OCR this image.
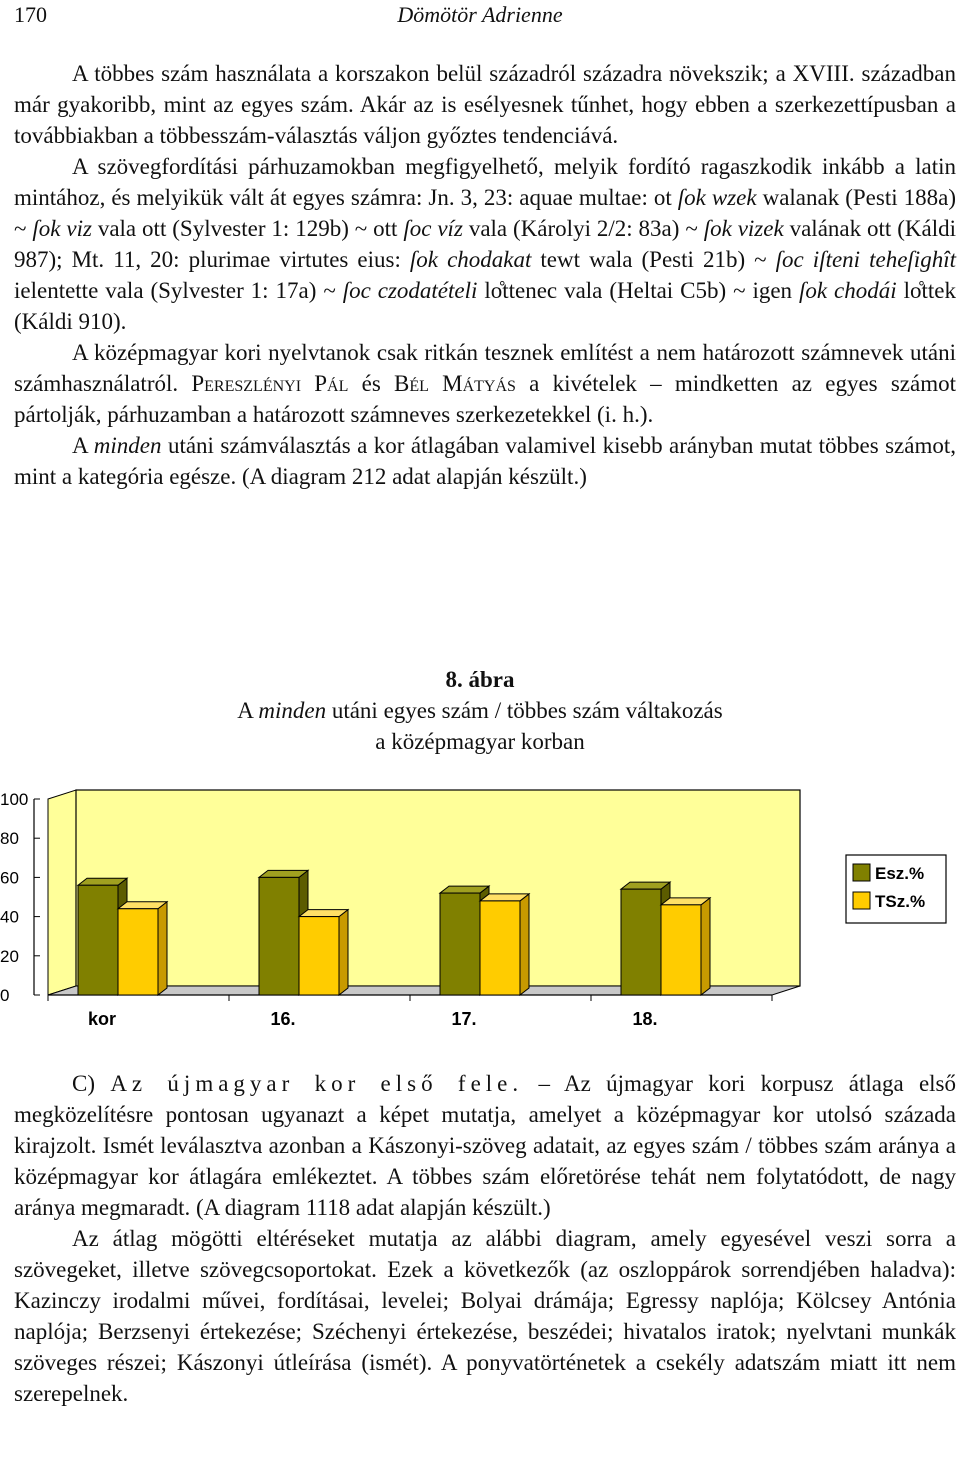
170	Dömötör Adrienne

A többes szám használata a korszakon belül századról századra növekszik; a XVIII. században már gyakoribb, mint az egyes szám. Akár az is esélyesnek tűnhet, hogy ebben a szerkezettípusban a továbbiakban a többesszám-választás váljon győztes tendenciává.

A szövegfordítási párhuzamokban megfigyelhető, melyik fordító ragaszkodik inkább a latin mintához, és melyikük vált át egyes számra: Jn. 3, 23: aquae multae: ot ſok wzek walanak (Pesti 188a) ~ ſok viz vala ott (Sylvester 1: 129b) ~ ott ſoc víz vala (Károlyi 2/2: 83a) ~ ſok vizek valának ott (Káldi 987); Mt. 11, 20: plurimae virtutes eius: ſok chodakat tewt wala (Pesti 21b) ~ ſoc iſteni teheſighît ielentette vala (Sylvester 1: 17a) ~ ſoc czodatételi lo̊ttenec vala (Heltai C5b) ~ igen ſok chodái lo̊ttek (Káldi 910).

A középmagyar kori nyelvtanok csak ritkán tesznek említést a nem határozott számnevek utáni számhasználatról. Pereszlényi Pál és Bél Mátyás a kivételek – mindketten az egyes számot pártolják, párhuzamban a határozott számneves szerkezetekkel (i. h.).

A minden utáni számválasztás a kor átlagában valamivel kisebb arányban mutat többes számot, mint a kategória egésze. (A diagram 212 adat alapján készült.)

8. ábra
A minden utáni egyes szám / többes szám váltakozás
a középmagyar korban
0
20
40
60
80
100
kor	16.	17.	18.
Esz.%
TSz.%

C) Az újmagyar kor első fele. – Az újmagyar kori korpusz átlaga első megközelítésre pontosan ugyanazt a képet mutatja, amelyet a középmagyar kor utolsó százada kirajzolt. Ismét leválasztva azonban a Kászonyi-szöveg adatait, az egyes szám / többes szám aránya a középmagyar kor átlagára emlékeztet. A többes szám előretörése tehát nem folytatódott, de nagy aránya megmaradt. (A diagram 1118 adat alapján készült.)

Az átlag mögötti eltéréseket mutatja az alábbi diagram, amely egyesével veszi sorra a szövegeket, illetve szövegcsoportokat. Ezek a következők (az oszloppárok sorrendjében haladva): Kazinczy irodalmi művei, fordításai, levelei; Bolyai drámája; Egressy naplója; Kölcsey Antónia naplója; Berzsenyi értekezése; Széchenyi értekezése, beszédei; hivatalos iratok; nyelvtani munkák szöveges részei; Kászonyi útleírása (ismét). A ponyvatörténetek a csekély adatszám miatt itt nem szerepelnek.
